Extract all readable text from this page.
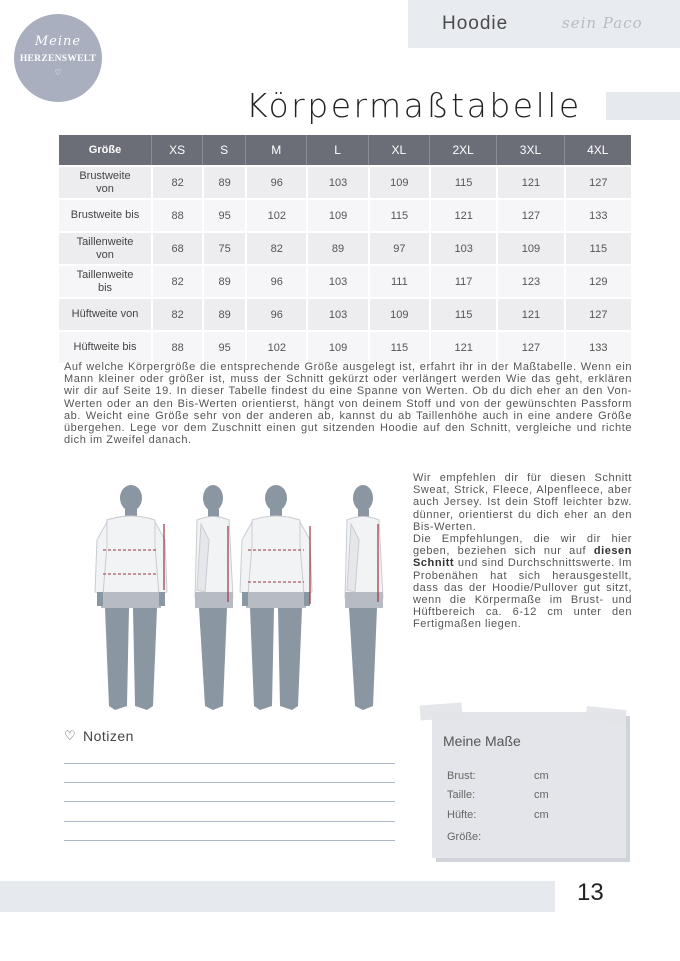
Meine
HERZENSWELT
♡
Hoodie	sein Paco
Körpermaßtabelle
Größe	XS	S	M	L	XL	2XL	3XL	4XL
Brustweite von	82	89	96	103	109	115	121	127
Brustweite bis	88	95	102	109	115	121	127	133
Taillenweite von	68	75	82	89	97	103	109	115
Taillenweite bis	82	89	96	103	111	117	123	129
Hüftweite von	82	89	96	103	109	115	121	127
Hüftweite bis	88	95	102	109	115	121	127	133
Auf welche Körpergröße die entsprechende Größe ausgelegt ist, erfahrt ihr in der Maßtabelle. Wenn ein Mann kleiner oder größer ist, muss der Schnitt gekürzt oder verlängert werden Wie das geht, erklären wir dir auf Seite 19. In dieser Tabelle findest du eine Spanne von Werten. Ob du dich eher an den Von-Werten oder an den Bis-Werten orientierst, hängt von deinem Stoff und von der gewünschten Passform ab. Weicht eine Größe sehr von der anderen ab, kannst du ab Taillenhöhe auch in eine andere Größe übergehen. Lege vor dem Zuschnitt einen gut sitzenden Hoodie auf den Schnitt, vergleiche und richte dich im Zweifel danach.
Wir empfehlen dir für diesen Schnitt Sweat, Strick, Fleece, Alpenfleece, aber auch Jersey. Ist dein Stoff leichter bzw. dünner, orientierst du dich eher an den Bis-Werten.
Die Empfehlungen, die wir dir hier geben, beziehen sich nur auf diesen Schnitt und sind Durchschnittswerte. Im Probenähen hat sich herausgestellt, dass das der Hoodie/Pullover gut sitzt, wenn die Körpermaße im Brust- und Hüftbereich ca. 6-12 cm unter den Fertigmaßen liegen.
♡ Notizen	Meine Maße
Brust:	cm
Taille:	cm
Hüfte:	cm
Größe:
13
